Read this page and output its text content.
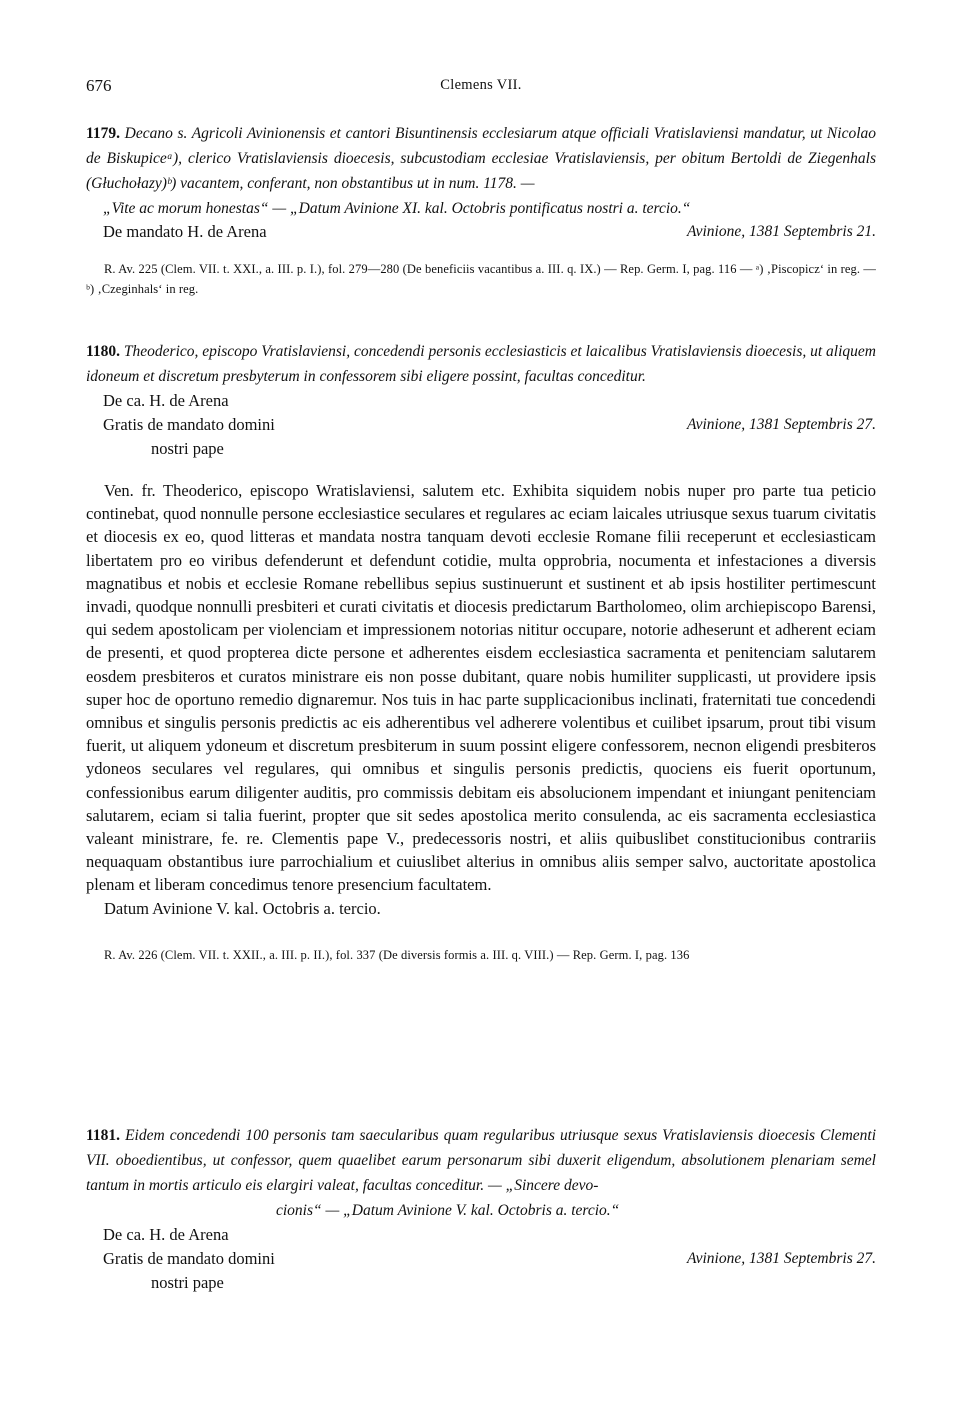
676	Clemens VII.

1179. Decano s. Agricoli Avinionensis et cantori Bisuntinensis ecclesiarum atque officiali Vratislaviensi mandatur, ut Nicolao de Biskupiceᵃ), clerico Vratislaviensis dioecesis, subcustodiam ecclesiae Vratislaviensis, per obitum Bertoldi de Ziegenhals (Głuchołazy)ᵇ) vacantem, conferant, non obstantibus ut in num. 1178. —

„Vite ac morum honestas“ — „Datum Avinione XI. kal. Octobris pontificatus nostri a. tercio.“
De mandato H. de Arena	Avinione, 1381 Septembris 21.

R. Av. 225 (Clem. VII. t. XXI., a. III. p. I.), fol. 279—280 (De beneficiis vacantibus a. III. q. IX.) — Rep. Germ. I, pag. 116 — ᵃ) ‚Piscopicz‘ in reg. — ᵇ) ‚Czeginhals‘ in reg.

1180. Theoderico, episcopo Vratislaviensi, concedendi personis ecclesiasticis et laicalibus Vratislaviensis dioecesis, ut aliquem idoneum et discretum presbyterum in confessorem sibi eligere possint, facultas conceditur.

De ca. H. de Arena
Gratis de mandato domini	Avinione, 1381 Septembris 27.
nostri pape

Ven. fr. Theoderico, episcopo Wratislaviensi, salutem etc. Exhibita siquidem nobis nuper pro parte tua peticio continebat, quod nonnulle persone ecclesiastice seculares et regulares ac eciam laicales utriusque sexus tuarum civitatis et diocesis ex eo, quod litteras et mandata nostra tanquam devoti ecclesie Romane filii receperunt et ecclesiasticam libertatem pro eo viribus defenderunt et defendunt cotidie, multa opprobria, nocumenta et infestaciones a diversis magnatibus et nobis et ecclesie Romane rebellibus sepius sustinuerunt et sustinent et ab ipsis hostiliter pertimescunt invadi, quodque nonnulli presbiteri et curati civitatis et diocesis predictarum Bartholomeo, olim archiepiscopo Barensi, qui sedem apostolicam per violenciam et impressionem notorias nititur occupare, notorie adheserunt et adherent eciam de presenti, et quod propterea dicte persone et adherentes eisdem ecclesiastica sacramenta et penitenciam salutarem eosdem presbiteros et curatos ministrare eis non posse dubitant, quare nobis humiliter supplicasti, ut providere ipsis super hoc de oportuno remedio dignaremur. Nos tuis in hac parte supplicacionibus inclinati, fraternitati tue concedendi omnibus et singulis personis predictis ac eis adherentibus vel adherere volentibus et cuilibet ipsarum, prout tibi visum fuerit, ut aliquem ydoneum et discretum presbiterum in suum possint eligere confessorem, necnon eligendi presbiteros ydoneos seculares vel regulares, qui omnibus et singulis personis predictis, quociens eis fuerit oportunum, confessionibus earum diligenter auditis, pro commissis debitam eis absolucionem impendant et iniungant penitenciam salutarem, eciam si talia fuerint, propter que sit sedes apostolica merito consulenda, ac eis sacramenta ecclesiastica valeant ministrare, fe. re. Clementis pape V., predecessoris nostri, et aliis quibuslibet constitucionibus contrariis nequaquam obstantibus iure parrochialium et cuiuslibet alterius in omnibus aliis semper salvo, auctoritate apostolica plenam et liberam concedimus tenore presencium facultatem.

Datum Avinione V. kal. Octobris a. tercio.

R. Av. 226 (Clem. VII. t. XXII., a. III. p. II.), fol. 337 (De diversis formis a. III. q. VIII.) — Rep. Germ. I, pag. 136

1181. Eidem concedendi 100 personis tam saecularibus quam regularibus utriusque sexus Vratislaviensis dioecesis Clementi VII. oboedientibus, ut confessor, quem quaelibet earum personarum sibi duxerit eligendum, absolutionem plenariam semel tantum in mortis articulo eis elargiri valeat, facultas conceditur. — „Sincere devo-

cionis“ — „Datum Avinione V. kal. Octobris a. tercio.“
De ca. H. de Arena
Gratis de mandato domini	Avinione, 1381 Septembris 27.
nostri pape
